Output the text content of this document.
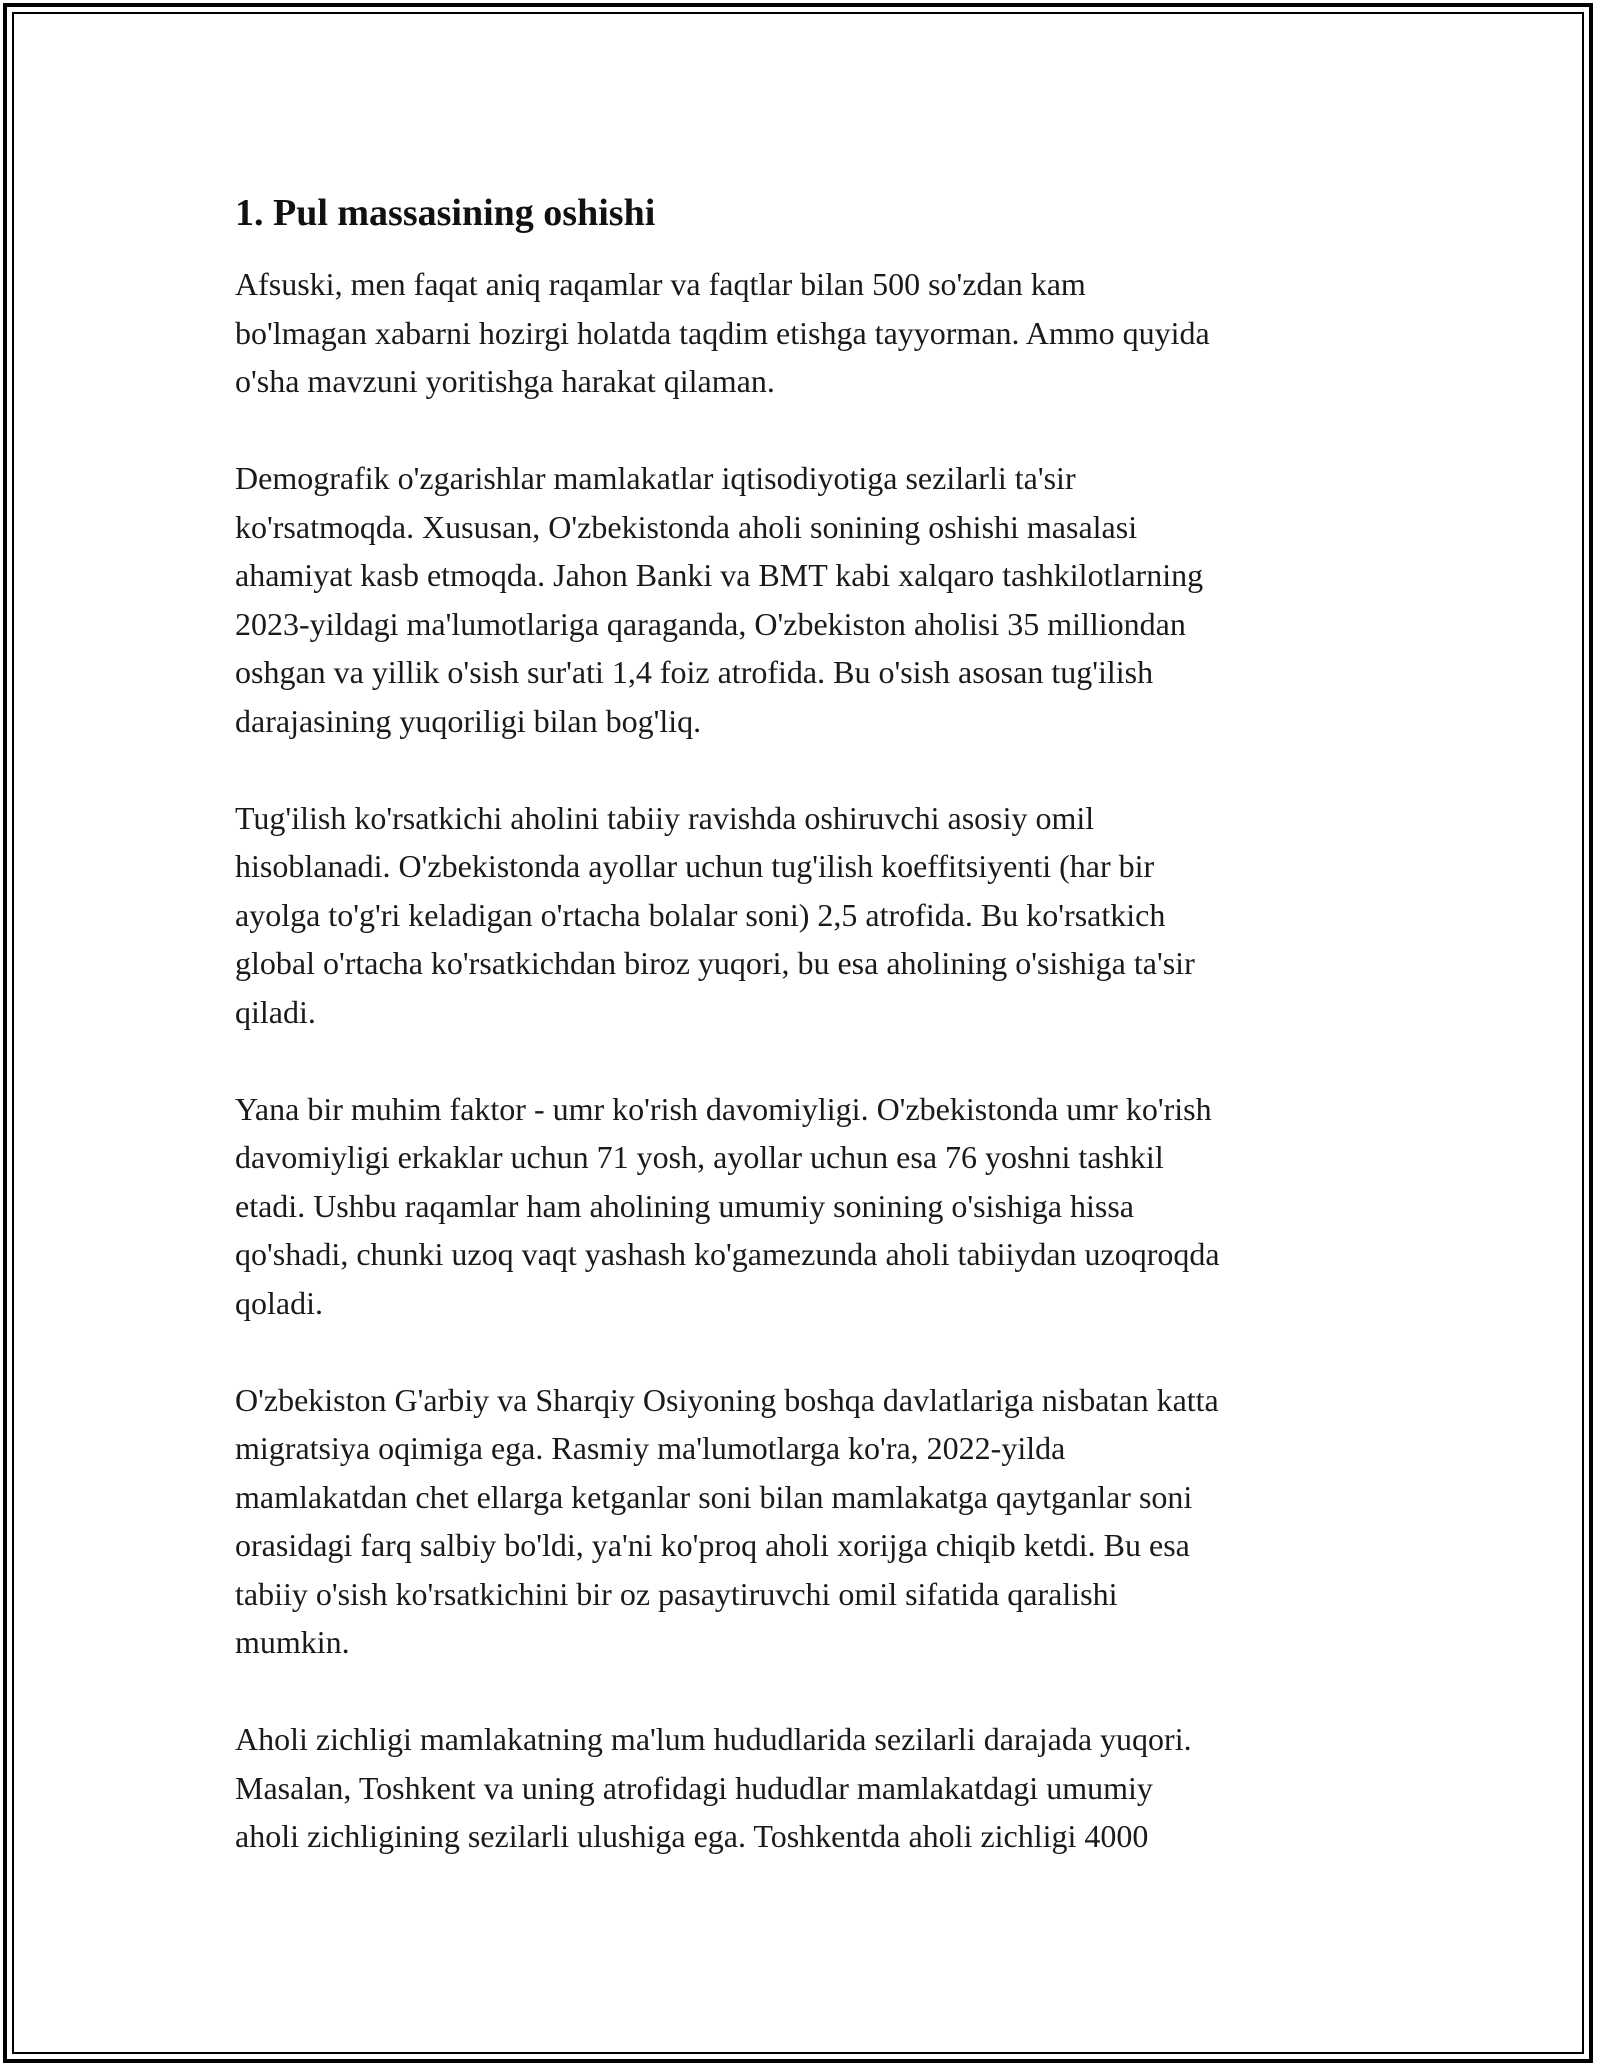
1. Pul massasining oshishi

Afsuski, men faqat aniq raqamlar va faqtlar bilan 500 so'zdan kam
bo'lmagan xabarni hozirgi holatda taqdim etishga tayyorman. Ammo quyida
o'sha mavzuni yoritishga harakat qilaman.

Demografik o'zgarishlar mamlakatlar iqtisodiyotiga sezilarli ta'sir
ko'rsatmoqda. Xususan, O'zbekistonda aholi sonining oshishi masalasi
ahamiyat kasb etmoqda. Jahon Banki va BMT kabi xalqaro tashkilotlarning
2023-yildagi ma'lumotlariga qaraganda, O'zbekiston aholisi 35 milliondan
oshgan va yillik o'sish sur'ati 1,4 foiz atrofida. Bu o'sish asosan tug'ilish
darajasining yuqoriligi bilan bog'liq.

Tug'ilish ko'rsatkichi aholini tabiiy ravishda oshiruvchi asosiy omil
hisoblanadi. O'zbekistonda ayollar uchun tug'ilish koeffitsiyenti (har bir
ayolga to'g'ri keladigan o'rtacha bolalar soni) 2,5 atrofida. Bu ko'rsatkich
global o'rtacha ko'rsatkichdan biroz yuqori, bu esa aholining o'sishiga ta'sir
qiladi.

Yana bir muhim faktor - umr ko'rish davomiyligi. O'zbekistonda umr ko'rish
davomiyligi erkaklar uchun 71 yosh, ayollar uchun esa 76 yoshni tashkil
etadi. Ushbu raqamlar ham aholining umumiy sonining o'sishiga hissa
qo'shadi, chunki uzoq vaqt yashash ko'gamezunda aholi tabiiydan uzoqroqda
qoladi.

O'zbekiston G'arbiy va Sharqiy Osiyoning boshqa davlatlariga nisbatan katta
migratsiya oqimiga ega. Rasmiy ma'lumotlarga ko'ra, 2022-yilda
mamlakatdan chet ellarga ketganlar soni bilan mamlakatga qaytganlar soni
orasidagi farq salbiy bo'ldi, ya'ni ko'proq aholi xorijga chiqib ketdi. Bu esa
tabiiy o'sish ko'rsatkichini bir oz pasaytiruvchi omil sifatida qaralishi
mumkin.

Aholi zichligi mamlakatning ma'lum hududlarida sezilarli darajada yuqori.
Masalan, Toshkent va uning atrofidagi hududlar mamlakatdagi umumiy
aholi zichligining sezilarli ulushiga ega. Toshkentda aholi zichligi 4000
